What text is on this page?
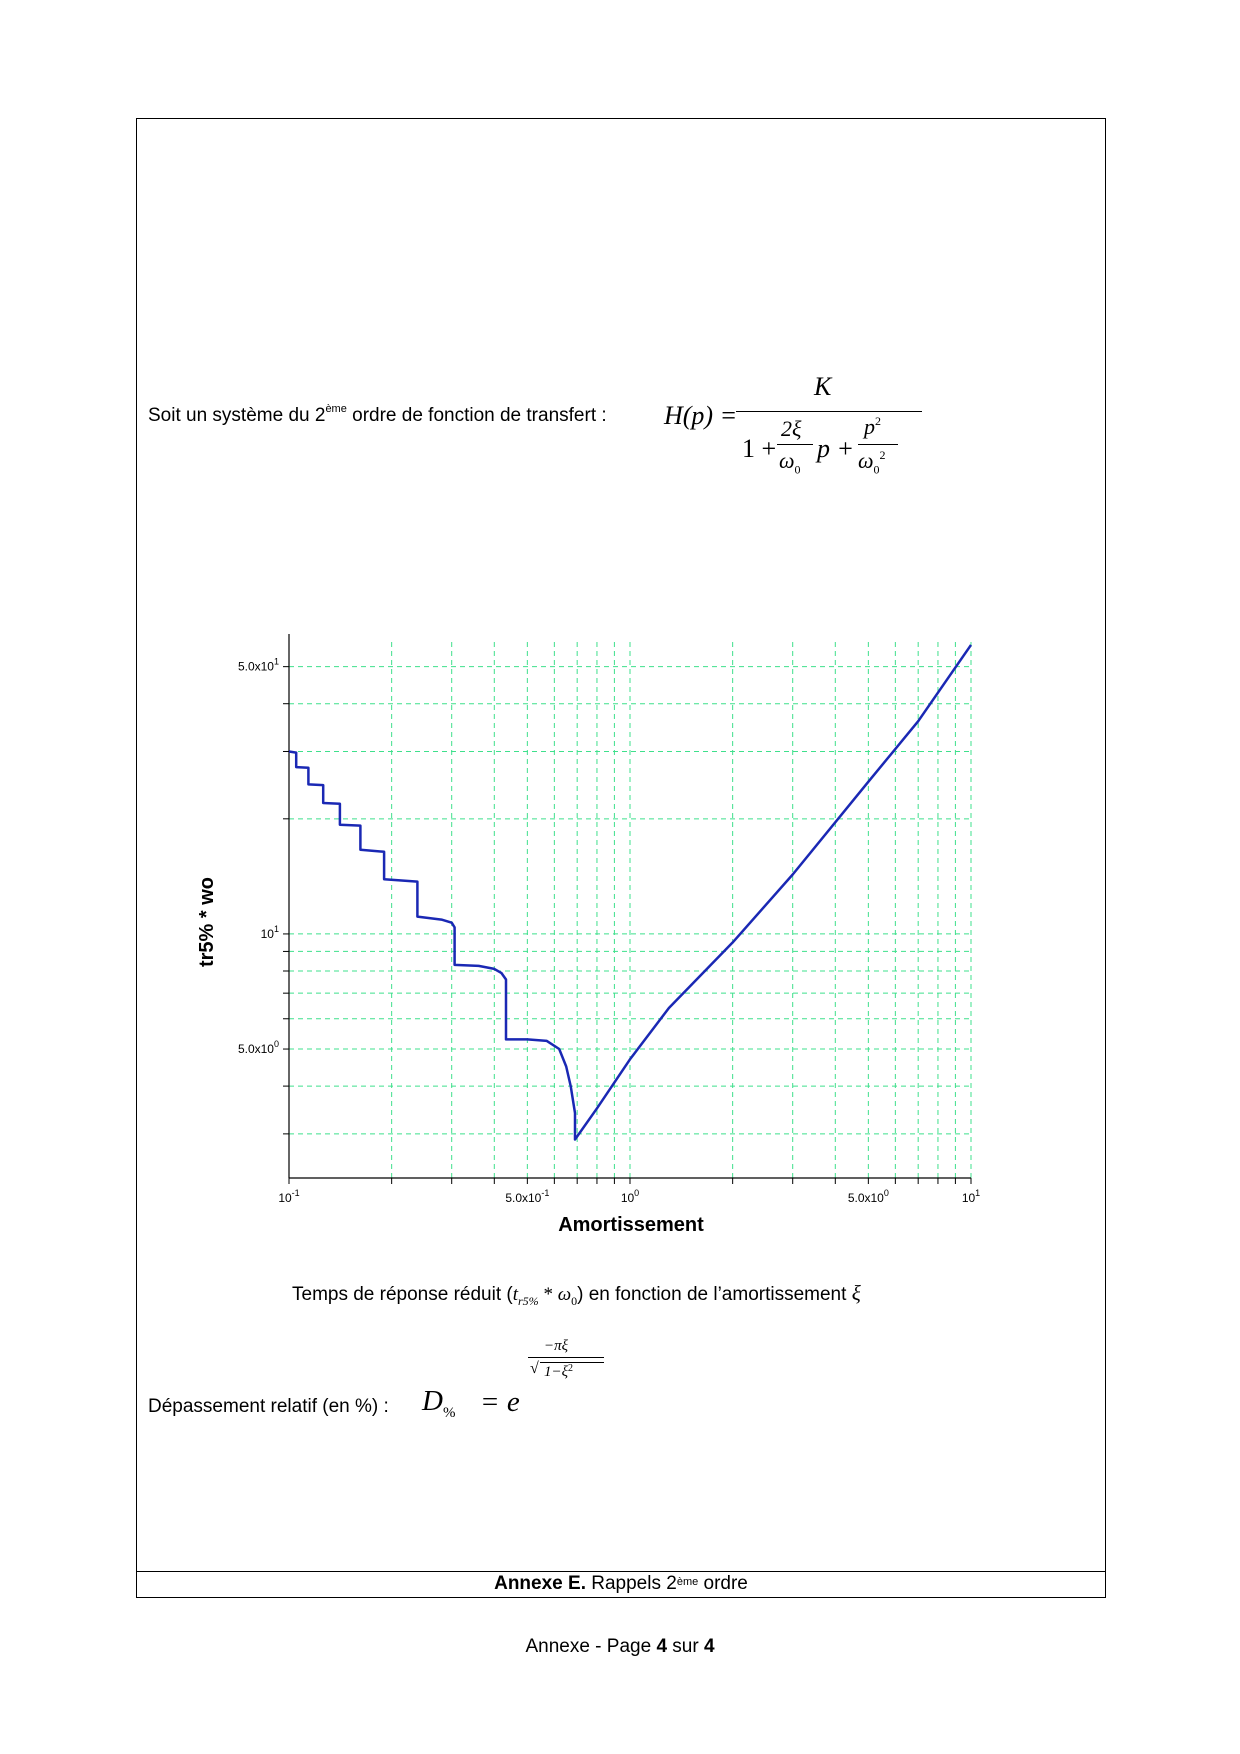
Soit un système du 2ème ordre de fonction de transfert : H(p) =
K
1 +
2ξ
$\omega_0$
p +
$p^2$
$\omega_0^2$
$10^{-1}$	$5.0x10^{-1}$	$10^0$	$5.0x10^0$	$10^1$
$5.0x10^0$
$10^1$
$5.0x10^1$
Amortissement
tr5% * wo
Temps de réponse réduit $(t_{r5\%} * \omega_0)$ en fonction de l’amortissement ξ
Dépassement relatif (en %) : $D_{\%} = e$
−πξ
√ $1-\xi^2$
Annexe E. Rappels 2ème ordre
Annexe - Page 4 sur 4
